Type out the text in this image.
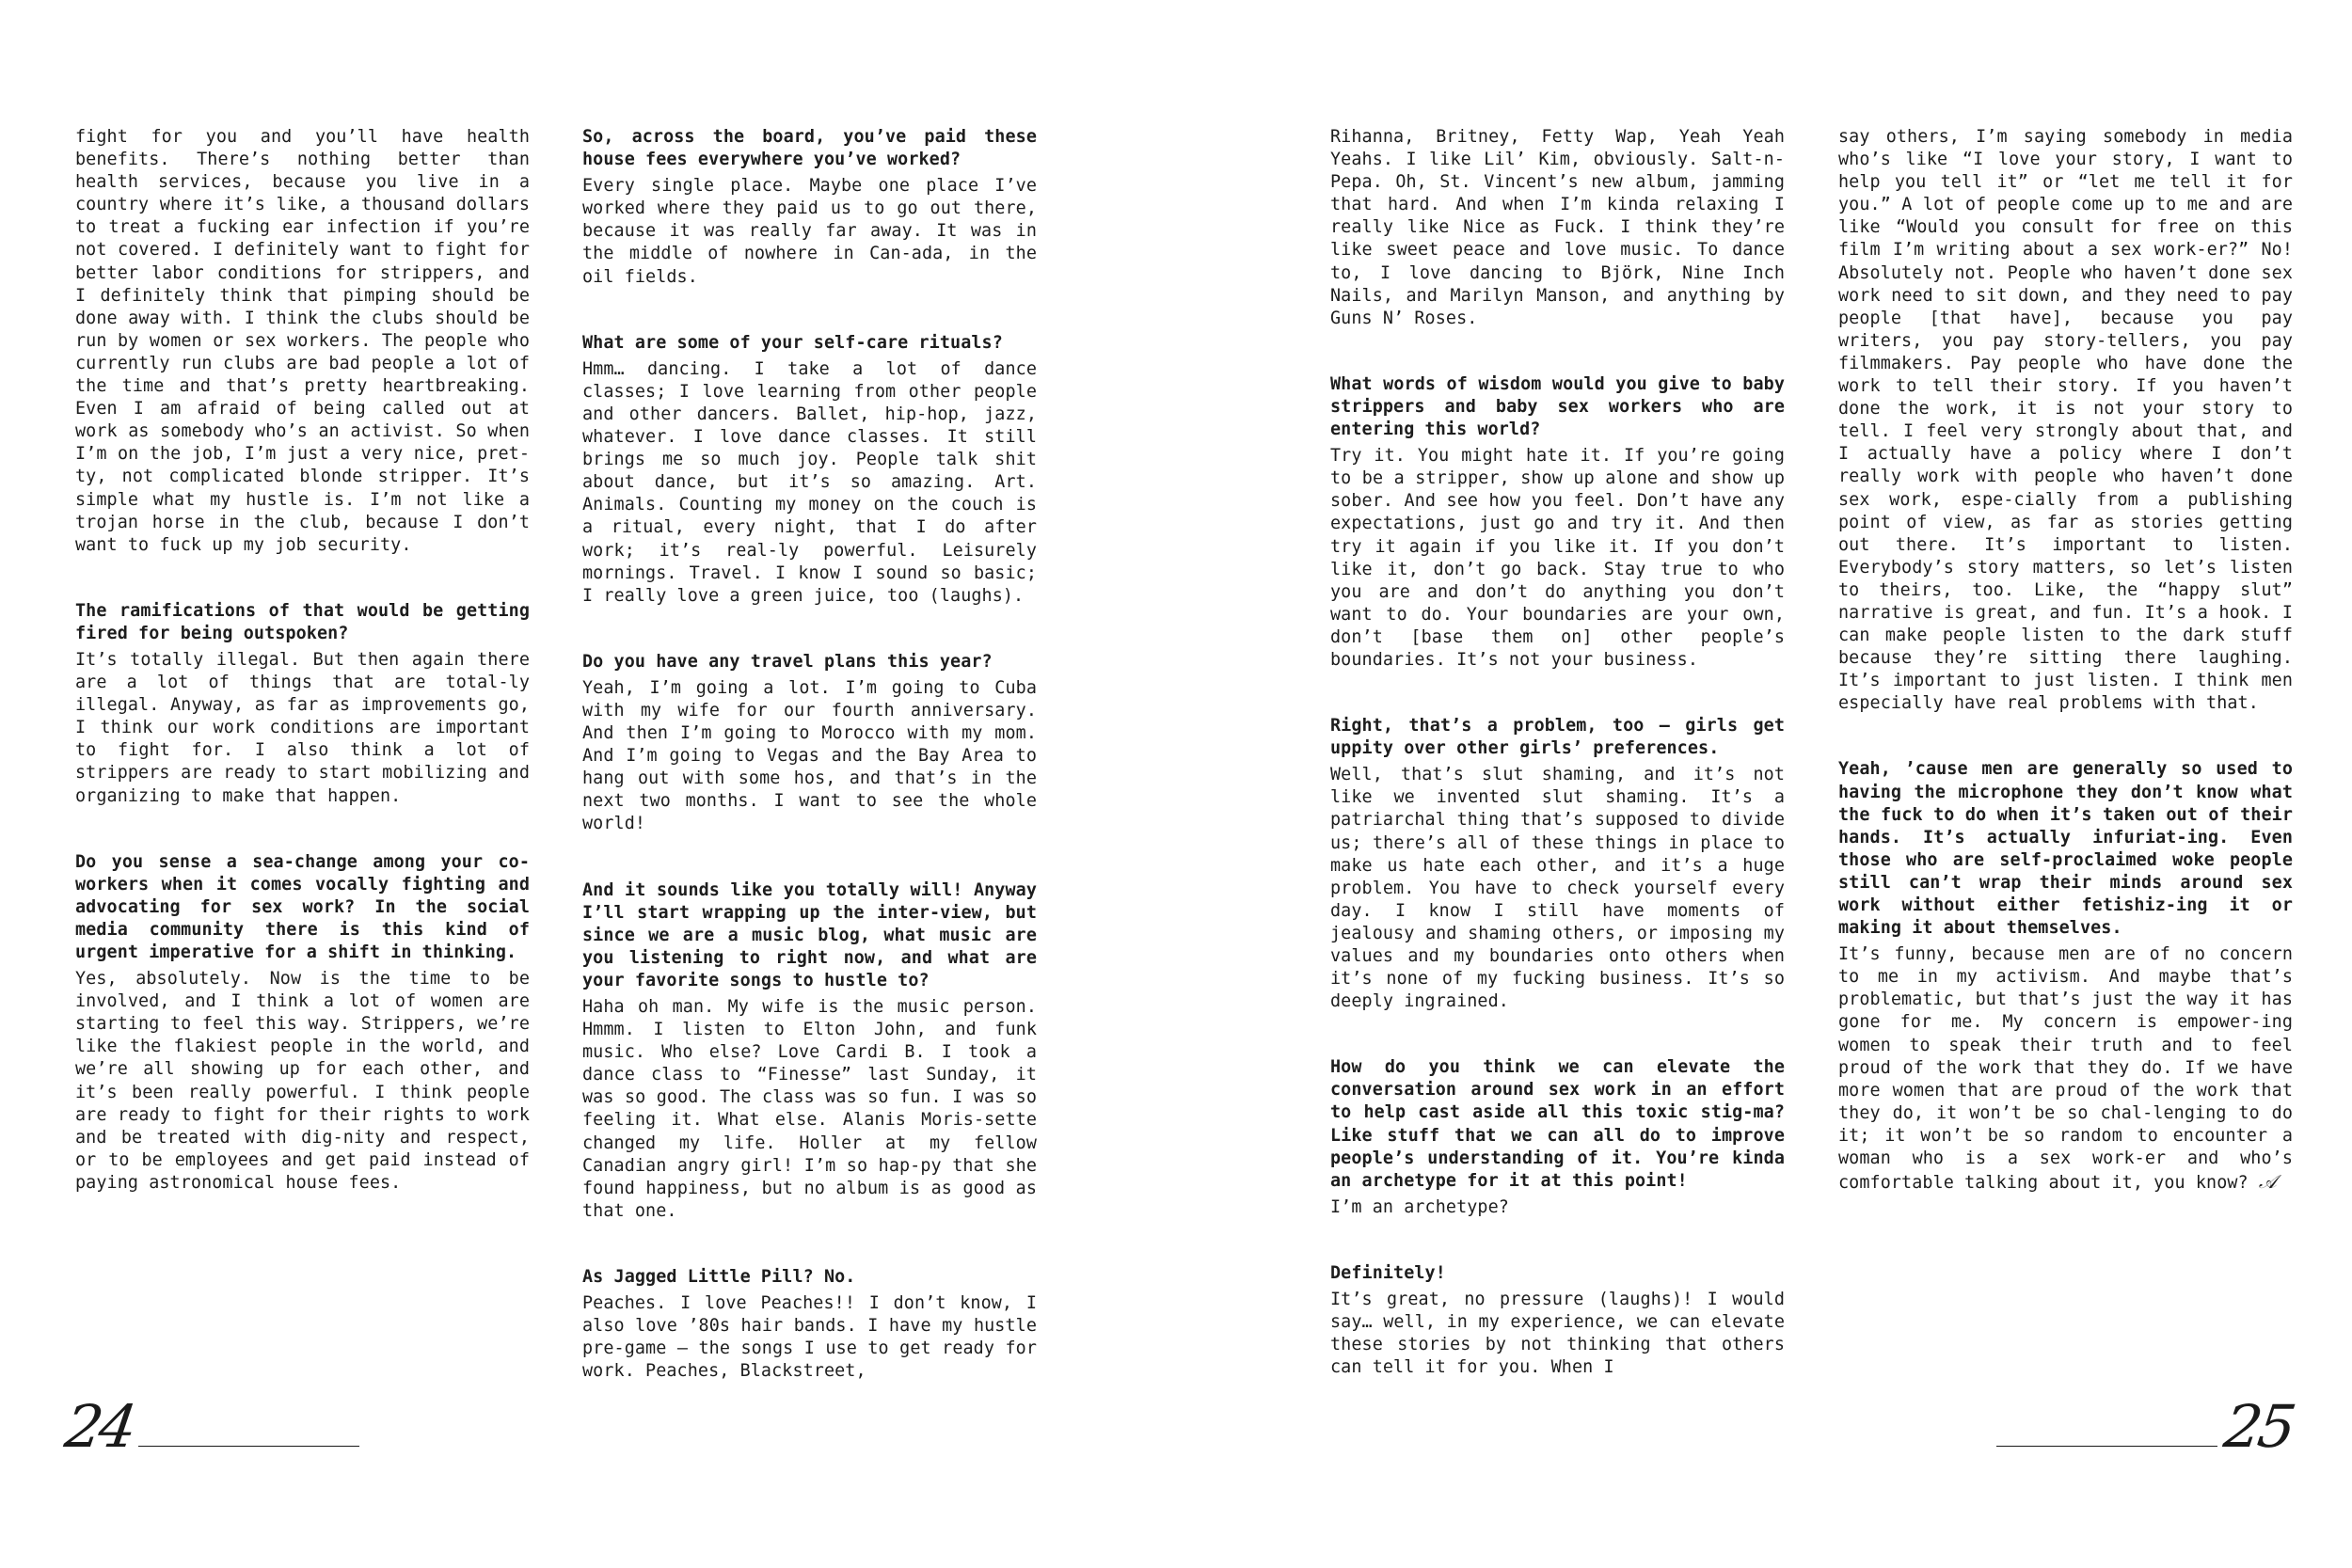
fight for you and you’ll have health benefits. There’s nothing better than health services, because you live in a country where it’s like, a thousand dollars to treat a fucking ear infection if you’re not covered. I definitely want to fight for better labor conditions for strippers, and I definitely think that pimping should be done away with. I think the clubs should be run by women or sex workers. The people who currently run clubs are bad people a lot of the time and that’s pretty heartbreaking. Even I am afraid of being called out at work as somebody who’s an activist. So when I’m on the job, I’m just a very nice, pret-ty, not complicated blonde stripper. It’s simple what my hustle is. I’m not like a trojan horse in the club, because I don’t want to fuck up my job security.

The ramifications of that would be getting fired for being outspoken?

It’s totally illegal. But then again there are a lot of things that are total-ly illegal. Anyway, as far as improvements go, I think our work conditions are important to fight for. I also think a lot of strippers are ready to start mobilizing and organizing to make that happen.

Do you sense a sea-change among your co-workers when it comes vocally fighting and advocating for sex work? In the social media community there is this kind of urgent imperative for a shift in thinking.

Yes, absolutely. Now is the time to be involved, and I think a lot of women are starting to feel this way. Strippers, we’re like the flakiest people in the world, and we’re all showing up for each other, and it’s been really powerful. I think people are ready to fight for their rights to work and be treated with dig-nity and respect, or to be employees and get paid instead of paying astronomical house fees.

So, across the board, you’ve paid these house fees everywhere you’ve worked?

Every single place. Maybe one place I’ve worked where they paid us to go out there, because it was really far away. It was in the middle of nowhere in Can-ada, in the oil fields.

What are some of your self-care rituals?

Hmm… dancing. I take a lot of dance classes; I love learning from other people and other dancers. Ballet, hip-hop, jazz, whatever. I love dance classes. It still brings me so much joy. People talk shit about dance, but it’s so amazing. Art. Animals. Counting my money on the couch is a ritual, every night, that I do after work; it’s real-ly powerful. Leisurely mornings. Travel. I know I sound so basic; I really love a green juice, too (laughs).

Do you have any travel plans this year?

Yeah, I’m going a lot. I’m going to Cuba with my wife for our fourth anniversary. And then I’m going to Morocco with my mom. And I’m going to Vegas and the Bay Area to hang out with some hos, and that’s in the next two months. I want to see the whole world!

And it sounds like you totally will! Anyway I’ll start wrapping up the inter-view, but since we are a music blog, what music are you listening to right now, and what are your favorite songs to hustle to?

Haha oh man. My wife is the music person. Hmmm. I listen to Elton John, and funk music. Who else? Love Cardi B. I took a dance class to “Finesse” last Sunday, it was so good. The class was so fun. I was so feeling it. What else. Alanis Moris-sette changed my life. Holler at my fellow Canadian angry girl! I’m so hap-py that she found happiness, but no album is as good as that one.

As Jagged Little Pill? No.

Peaches. I love Peaches!! I don’t know, I also love ’80s hair bands. I have my hustle pre-game – the songs I use to get ready for work. Peaches, Blackstreet,

24

Rihanna, Britney, Fetty Wap, Yeah Yeah Yeahs. I like Lil’ Kim, obviously. Salt-n-Pepa. Oh, St. Vincent’s new album, jamming that hard. And when I’m kinda relaxing I really like Nice as Fuck. I think they’re like sweet peace and love music. To dance to, I love dancing to Björk, Nine Inch Nails, and Marilyn Manson, and anything by Guns N’ Roses.

What words of wisdom would you give to baby strippers and baby sex workers who are entering this world?

Try it. You might hate it. If you’re going to be a stripper, show up alone and show up sober. And see how you feel. Don’t have any expectations, just go and try it. And then try it again if you like it. If you don’t like it, don’t go back. Stay true to who you are and don’t do anything you don’t want to do. Your boundaries are your own, don’t [base them on] other people’s boundaries. It’s not your business.

Right, that’s a problem, too – girls get uppity over other girls’ preferences.

Well, that’s slut shaming, and it’s not like we invented slut shaming. It’s a patriarchal thing that’s supposed to divide us; there’s all of these things in place to make us hate each other, and it’s a huge problem. You have to check yourself every day. I know I still have moments of jealousy and shaming others, or imposing my values and my boundaries onto others when it’s none of my fucking business. It’s so deeply ingrained.

How do you think we can elevate the conversation around sex work in an effort to help cast aside all this toxic stig-ma? Like stuff that we can all do to improve people’s understanding of it. You’re kinda an archetype for it at this point!

I’m an archetype?

Definitely!

It’s great, no pressure (laughs)! I would say… well, in my experience, we can elevate these stories by not thinking that others can tell it for you. When I

say others, I’m saying somebody in media who’s like “I love your story, I want to help you tell it” or “let me tell it for you.” A lot of people come up to me and are like “Would you consult for free on this film I’m writing about a sex work-er?” No! Absolutely not. People who haven’t done sex work need to sit down, and they need to pay people [that have], because you pay writers, you pay story-tellers, you pay filmmakers. Pay people who have done the work to tell their story. If you haven’t done the work, it is not your story to tell. I feel very strongly about that, and I actually have a policy where I don’t really work with people who haven’t done sex work, espe-cially from a publishing point of view, as far as stories getting out there. It’s important to listen. Everybody’s story matters, so let’s listen to theirs, too. Like, the “happy slut” narrative is great, and fun. It’s a hook. I can make people listen to the dark stuff because they’re sitting there laughing. It’s important to just listen. I think men especially have real problems with that.

Yeah, ’cause men are generally so used to having the microphone they don’t know what the fuck to do when it’s taken out of their hands. It’s actually infuriat-ing. Even those who are self-proclaimed woke people still can’t wrap their minds around sex work without either fetishiz-ing it or making it about themselves.

It’s funny, because men are of no concern to me in my activism. And maybe that’s problematic, but that’s just the way it has gone for me. My concern is empower-ing women to speak their truth and to feel proud of the work that they do. If we have more women that are proud of the work that they do, it won’t be so chal-lenging to do it; it won’t be so random to encounter a woman who is a sex work-er and who’s comfortable talking about it, you know? 𝒜

25
